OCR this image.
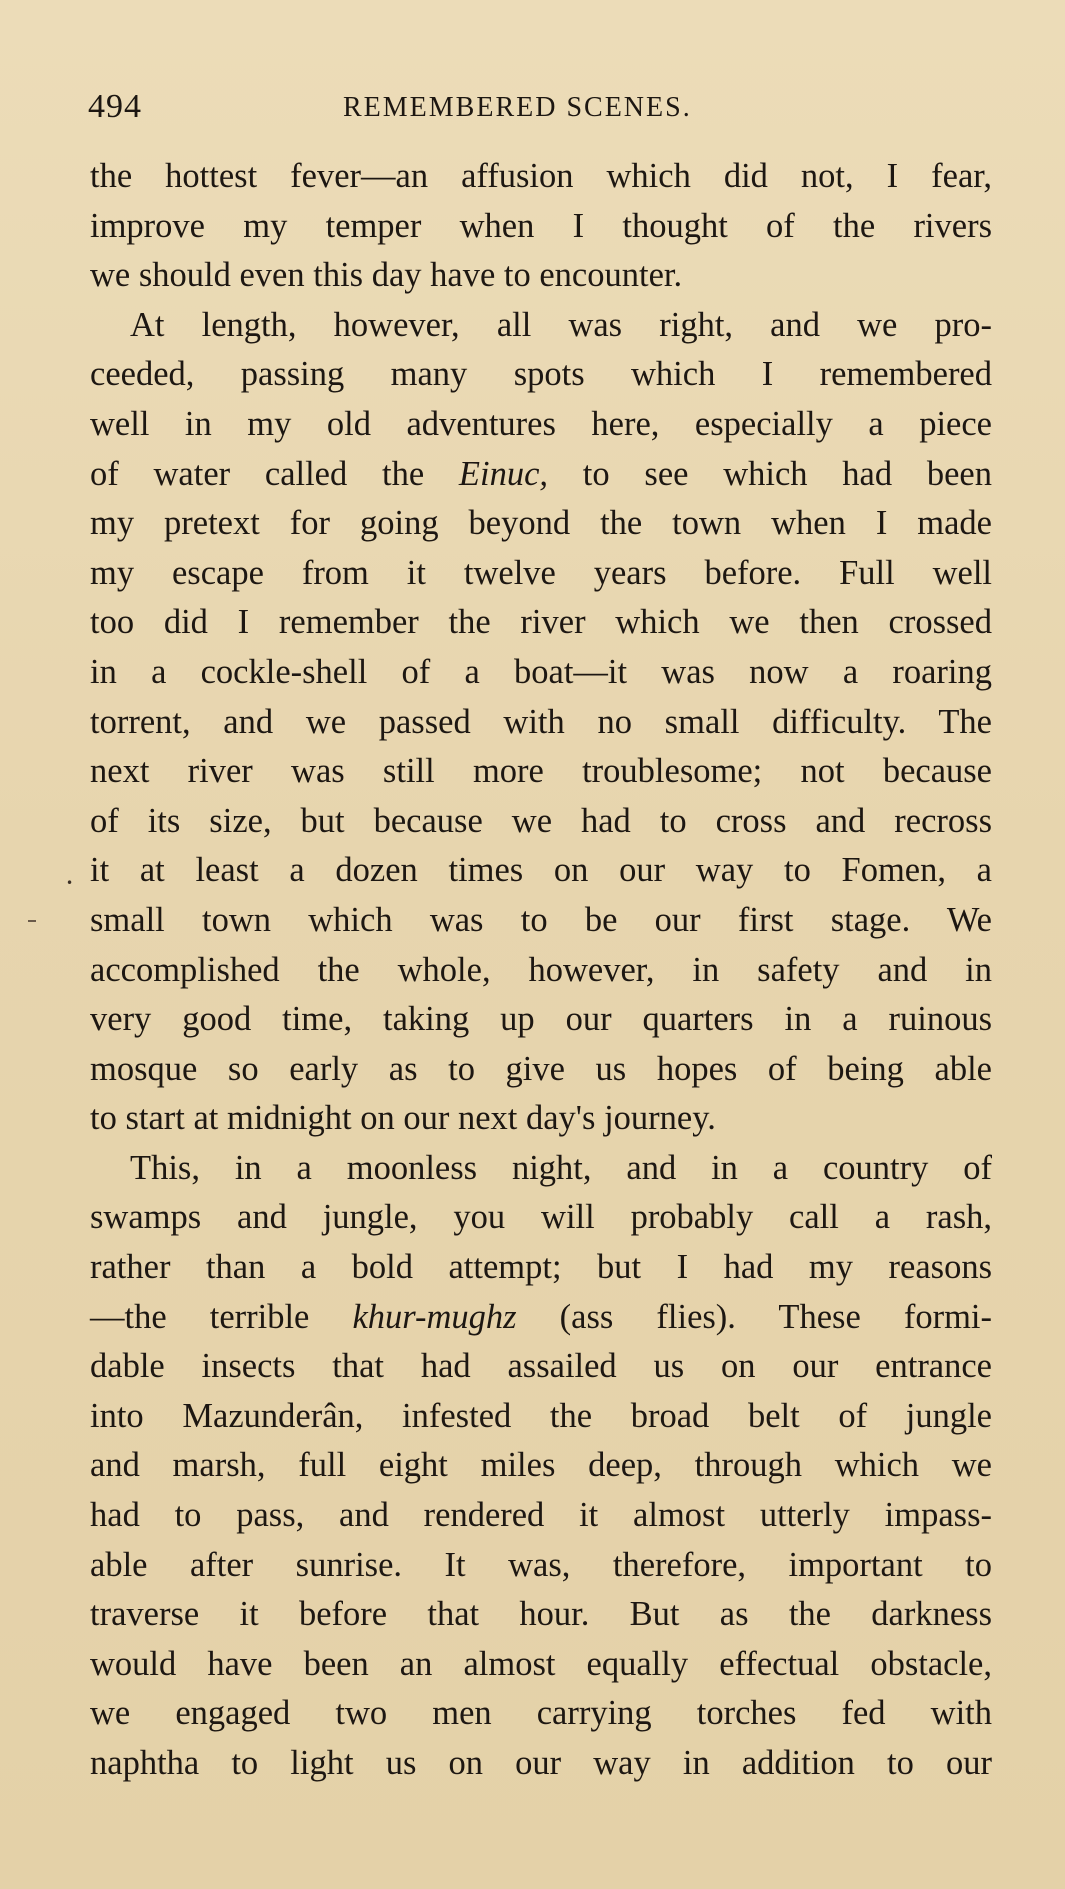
494	REMEMBERED SCENES.
the hottest fever—an affusion which did not, I fear,
improve my temper when I thought of the rivers
we should even this day have to encounter.
At length, however, all was right, and we pro-
ceeded, passing many spots which I remembered
well in my old adventures here, especially a piece
of water called the Einuc, to see which had been
my pretext for going beyond the town when I made
my escape from it twelve years before. Full well
too did I remember the river which we then crossed
in a cockle-shell of a boat—it was now a roaring
torrent, and we passed with no small difficulty. The
next river was still more troublesome; not because
of its size, but because we had to cross and recross
it at least a dozen times on our way to Fomen, a
small town which was to be our first stage. We
accomplished the whole, however, in safety and in
very good time, taking up our quarters in a ruinous
mosque so early as to give us hopes of being able
to start at midnight on our next day's journey.
This, in a moonless night, and in a country of
swamps and jungle, you will probably call a rash,
rather than a bold attempt; but I had my reasons
—the terrible khur-mughz (ass flies). These formi-
dable insects that had assailed us on our entrance
into Mazunderân, infested the broad belt of jungle
and marsh, full eight miles deep, through which we
had to pass, and rendered it almost utterly impass-
able after sunrise. It was, therefore, important to
traverse it before that hour. But as the darkness
would have been an almost equally effectual obstacle,
we engaged two men carrying torches fed with
naphtha to light us on our way in addition to our
•
